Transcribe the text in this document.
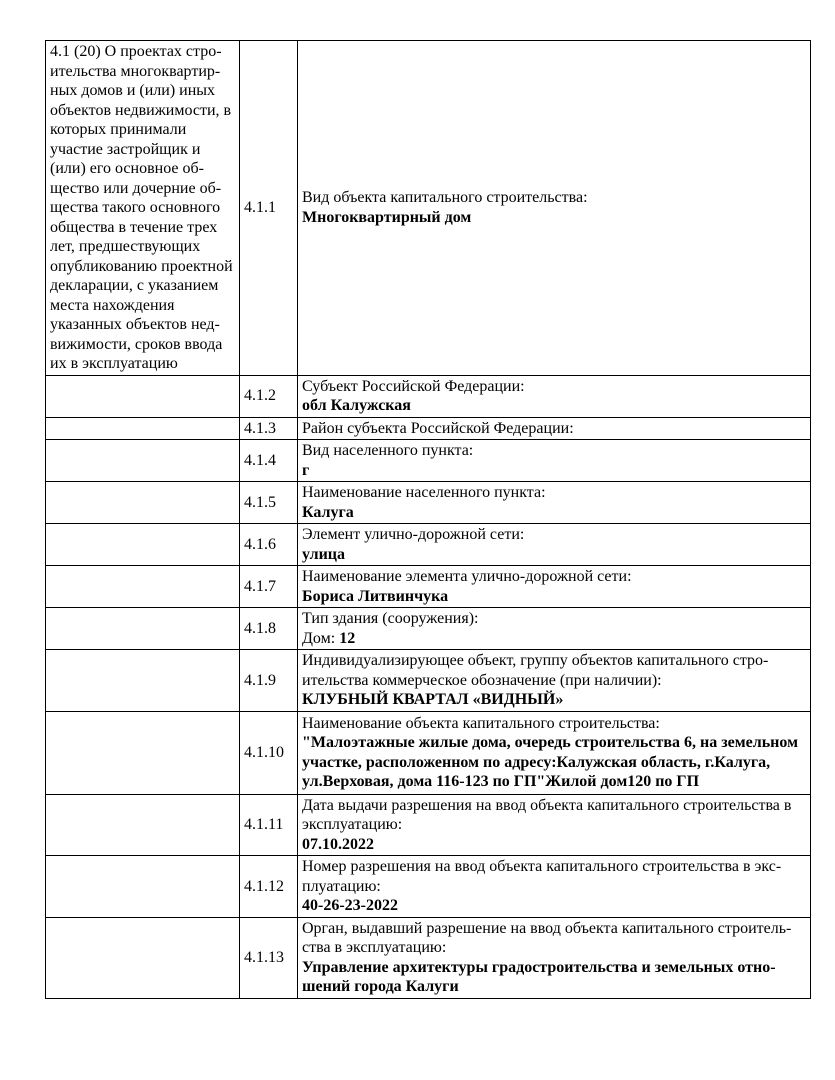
4.1 (20) О проектах строительства многоквартирных домов и (или) иных объектов недвижимости, в которых принимали участие застройщик и (или) его основное общество или дочерние общества такого основного общества в течение трех лет, предшествующих опубликованию проектной декларации, с указанием места нахождения указанных объектов недвижимости, сроков ввода их в эксплуатацию	4.1.1	Вид объекта капитального строительства:
Многоквартирный дом

	4.1.2	Субъект Российской Федерации:
обл Калужская

	4.1.3	Район субъекта Российской Федерации:

	4.1.4	Вид населенного пункта:
г

	4.1.5	Наименование населенного пункта:
Калуга

	4.1.6	Элемент улично-дорожной сети:
улица

	4.1.7	Наименование элемента улично-дорожной сети:
Бориса Литвинчука

	4.1.8	Тип здания (сооружения):
Дом: 12

	4.1.9	Индивидуализирующее объект, группу объектов капитального строительства коммерческое обозначение (при наличии):
КЛУБНЫЙ КВАРТАЛ «ВИДНЫЙ»

	4.1.10	Наименование объекта капитального строительства:
"Малоэтажные жилые дома, очередь строительства 6, на земельном участке, расположенном по адресу:Калужская область, г.Калуга, ул.Верховая, дома 116-123 по ГП"Жилой дом120 по ГП

	4.1.11	Дата выдачи разрешения на ввод объекта капитального строительства в эксплуатацию:
07.10.2022

	4.1.12	Номер разрешения на ввод объекта капитального строительства в эксплуатацию:
40-26-23-2022

	4.1.13	Орган, выдавший разрешение на ввод объекта капитального строительства в эксплуатацию:
Управление архитектуры градостроительства и земельных отношений города Калуги
